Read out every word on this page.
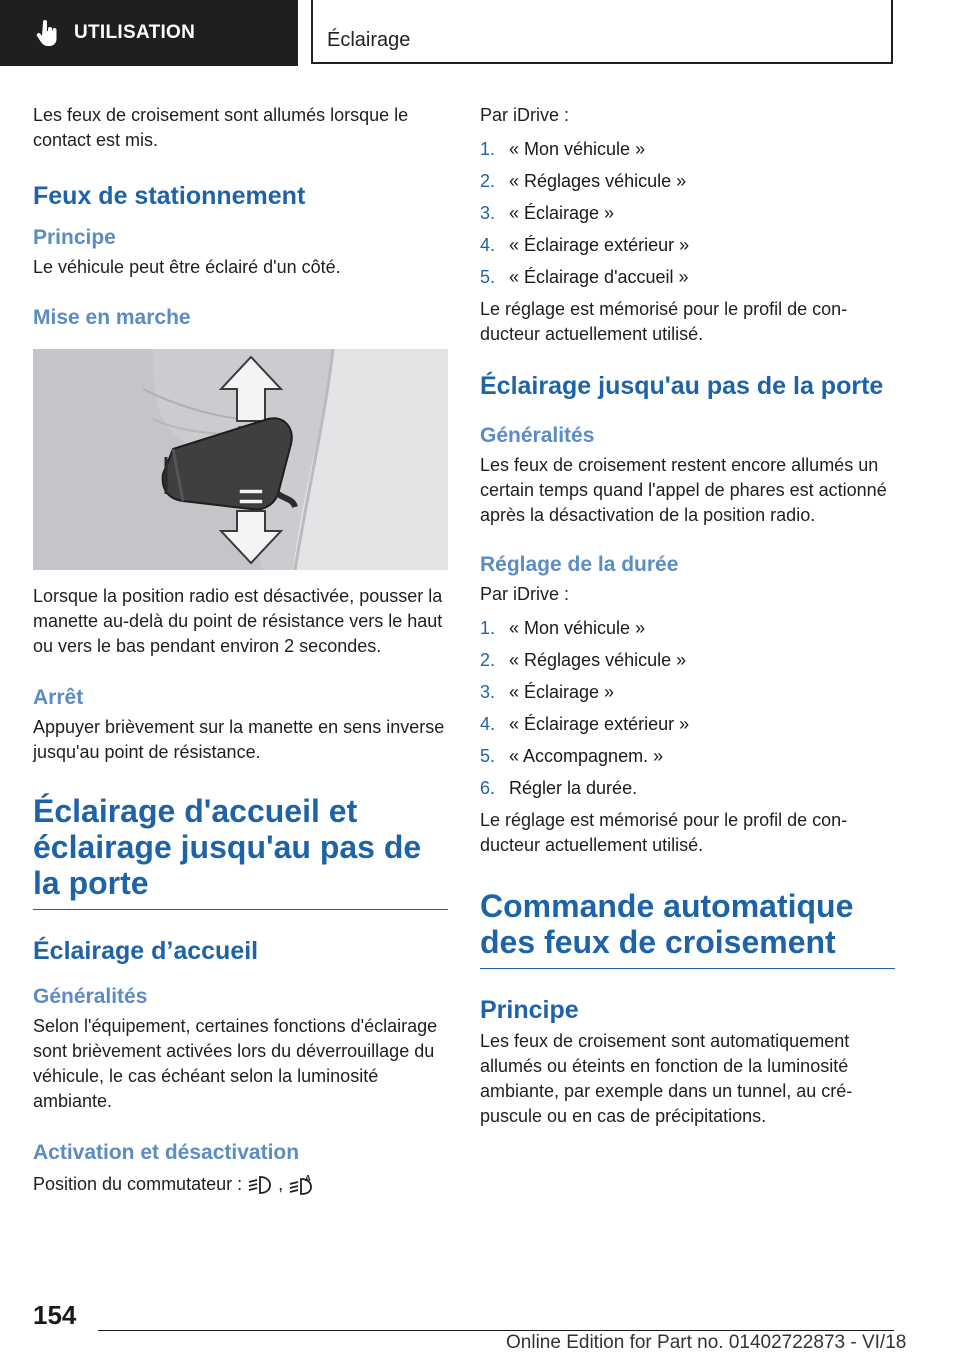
UTILISATION	Éclairage

Les feux de croisement sont allumés lorsque le contact est mis.

Feux de stationnement
Principe

Le véhicule peut être éclairé d'un côté.

Mise en marche

Lorsque la position radio est désactivée, pousser la manette au-delà du point de résistance vers le haut ou vers le bas pendant environ 2 secondes.

Arrêt

Appuyer brièvement sur la manette en sens inverse jusqu'au point de résistance.

Éclairage d'accueil et éclairage jusqu'au pas de la porte
Éclairage d’accueil
Généralités

Selon l'équipement, certaines fonctions d'éclairage sont brièvement activées lors du déverrouillage du véhicule, le cas échéant selon la luminosité ambiante.

Activation et désactivation

Position du commutateur : ,	A

Par iDrive :

1. « Mon véhicule »
2. « Réglages véhicule »
3. « Éclairage »
4. « Éclairage extérieur »
5. « Éclairage d'accueil »

Le réglage est mémorisé pour le profil de conducteur actuellement utilisé.

Éclairage jusqu'au pas de la porte
Généralités

Les feux de croisement restent encore allumés un certain temps quand l'appel de phares est actionné après la désactivation de la position radio.

Réglage de la durée

Par iDrive :

1. « Mon véhicule »
2. « Réglages véhicule »
3. « Éclairage »
4. « Éclairage extérieur »
5. « Accompagnem. »
6. Régler la durée.

Le réglage est mémorisé pour le profil de conducteur actuellement utilisé.

Commande automatique des feux de croisement
Principe

Les feux de croisement sont automatiquement allumés ou éteints en fonction de la luminosité ambiante, par exemple dans un tunnel, au crépuscule ou en cas de précipitations.

154
Online Edition for Part no. 01402722873 - VI/18
